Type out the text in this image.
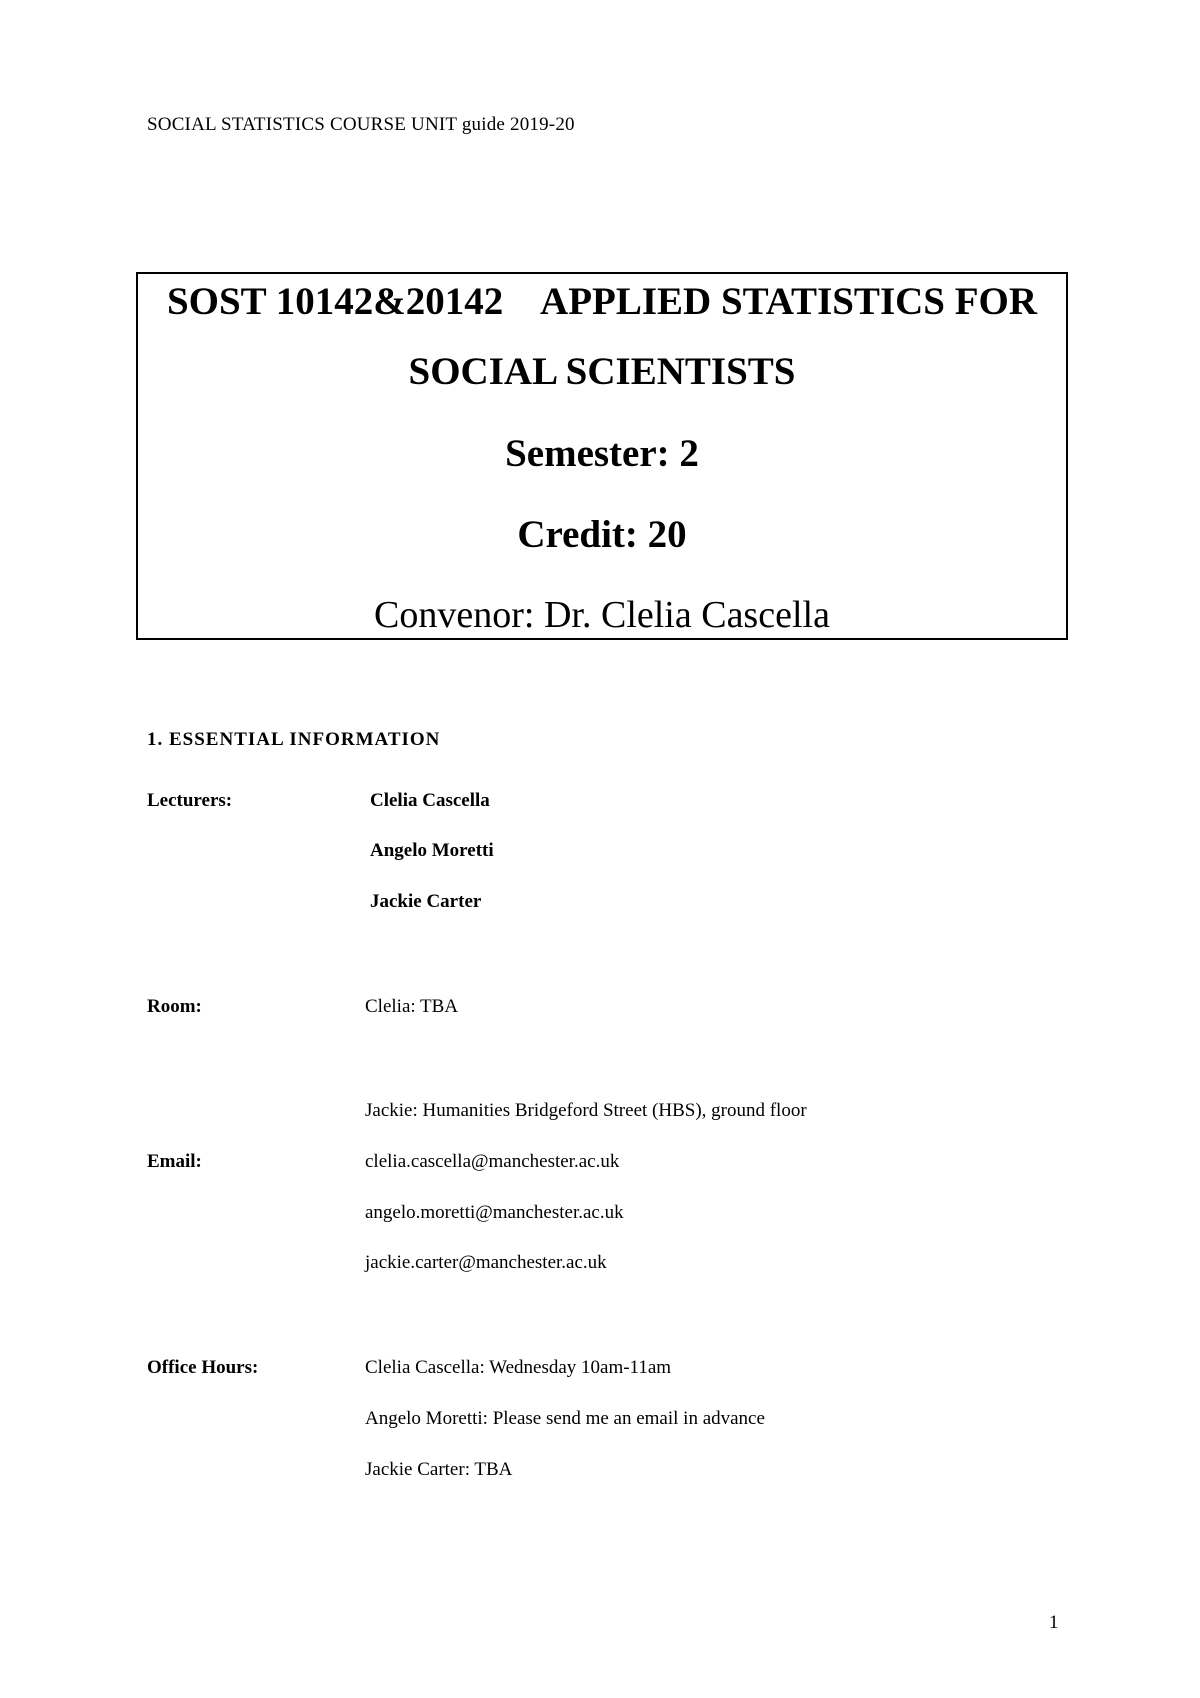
SOCIAL STATISTICS COURSE UNIT guide 2019-20
SOST 10142&20142    APPLIED STATISTICS FOR
SOCIAL SCIENTISTS
Semester: 2
Credit: 20
Convenor: Dr. Clelia Cascella
1. ESSENTIAL INFORMATION
Lecturers:	Clelia Cascella
Angelo Moretti
Jackie Carter
Room:	Clelia: TBA
Jackie: Humanities Bridgeford Street (HBS), ground floor
Email:	clelia.cascella@manchester.ac.uk
angelo.moretti@manchester.ac.uk
jackie.carter@manchester.ac.uk
Office Hours:	Clelia Cascella: Wednesday 10am-11am
Angelo Moretti: Please send me an email in advance
Jackie Carter: TBA
1
